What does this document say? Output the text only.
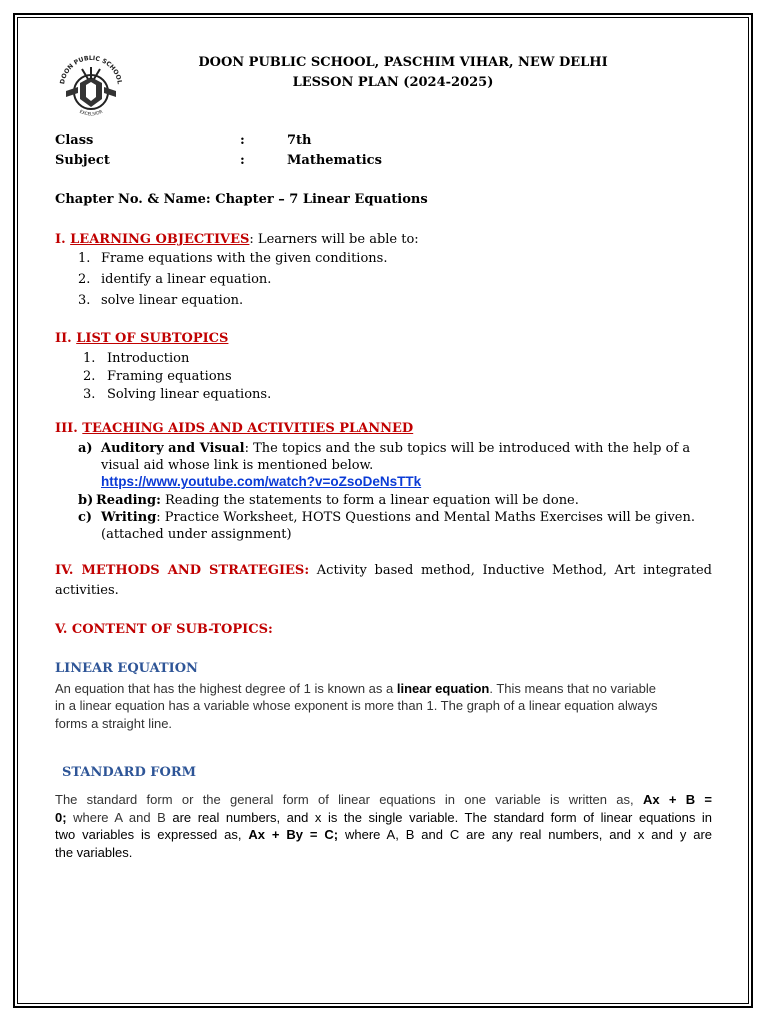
DOON PUBLIC SCHOOL
EXCELSIOR
DOON PUBLIC SCHOOL, PASCHIM VIHAR, NEW DELHI
LESSON PLAN (2024-2025)
Class	:	7th
Subject	:	Mathematics
Chapter No. & Name: Chapter – 7 Linear Equations
I. LEARNING OBJECTIVES: Learners will be able to:
1. Frame equations with the given conditions.
2. identify a linear equation.
3. solve linear equation.
II. LIST OF SUBTOPICS
1. Introduction
2. Framing equations
3. Solving linear equations.
III. TEACHING AIDS AND ACTIVITIES PLANNED
a) Auditory and Visual: The topics and the sub topics will be introduced with the help of a
visual aid whose link is mentioned below.
https://www.youtube.com/watch?v=oZsoDeNsTTk
b) Reading: Reading the statements to form a linear equation will be done.
c) Writing: Practice Worksheet, HOTS Questions and Mental Maths Exercises will be given.
(attached under assignment)
IV. METHODS AND STRATEGIES: Activity based method, Inductive Method, Art integrated
activities.
V. CONTENT OF SUB-TOPICS:
LINEAR EQUATION
An equation that has the highest degree of 1 is known as a linear equation. This means that no variable
in a linear equation has a variable whose exponent is more than 1. The graph of a linear equation always
forms a straight line.
STANDARD FORM
The standard form or the general form of linear equations in one variable is written as, Ax + B =
0; where A and B are real numbers, and x is the single variable. The standard form of linear equations in
two variables is expressed as, Ax + By = C; where A, B and C are any real numbers, and x and y are
the variables.
